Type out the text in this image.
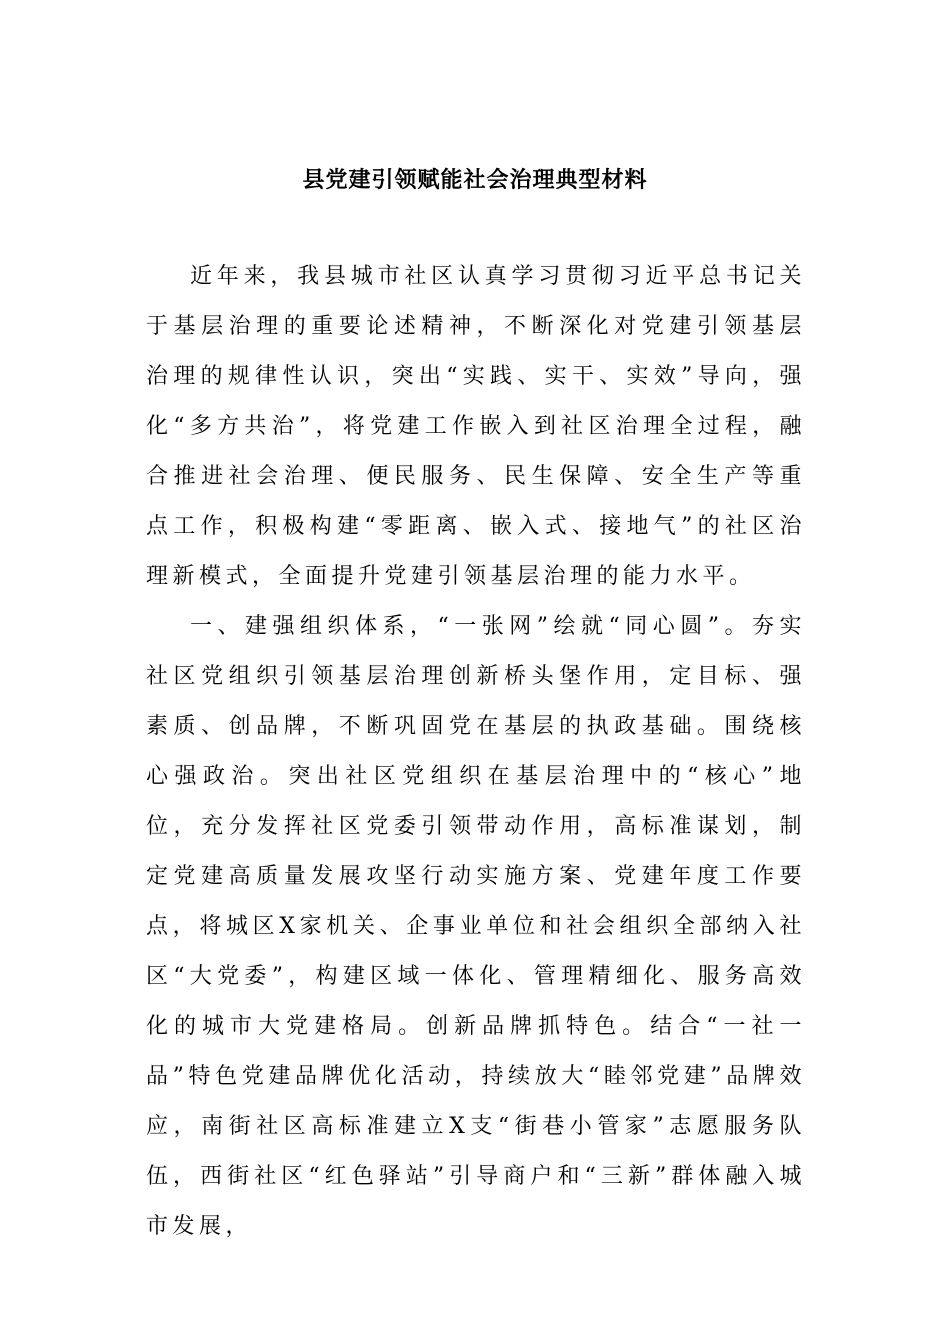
县党建引领赋能社会治理典型材料

近年来，我县城市社区认真学习贯彻习近平总书记关于基层治理的重要论述精神，不断深化对党建引领基层治理的规律性认识，突出“实践、实干、实效”导向，强化“多方共治”，将党建工作嵌入到社区治理全过程，融合推进社会治理、便民服务、民生保障、安全生产等重点工作，积极构建“零距离、嵌入式、接地气”的社区治理新模式，全面提升党建引领基层治理的能力水平。

一、建强组织体系，“一张网”绘就“同心圆”。夯实社区党组织引领基层治理创新桥头堡作用，定目标、强素质、创品牌，不断巩固党在基层的执政基础。围绕核心强政治。突出社区党组织在基层治理中的“核心”地位，充分发挥社区党委引领带动作用，高标准谋划，制定党建高质量发展攻坚行动实施方案、党建年度工作要点，将城区X家机关、企事业单位和社会组织全部纳入社区“大党委”，构建区域一体化、管理精细化、服务高效化的城市大党建格局。创新品牌抓特色。结合“一社一品”特色党建品牌优化活动，持续放大“睦邻党建”品牌效应，南街社区高标准建立X支“街巷小管家”志愿服务队伍，西街社区“红色驿站”引导商户和“三新”群体融入城市发展，
